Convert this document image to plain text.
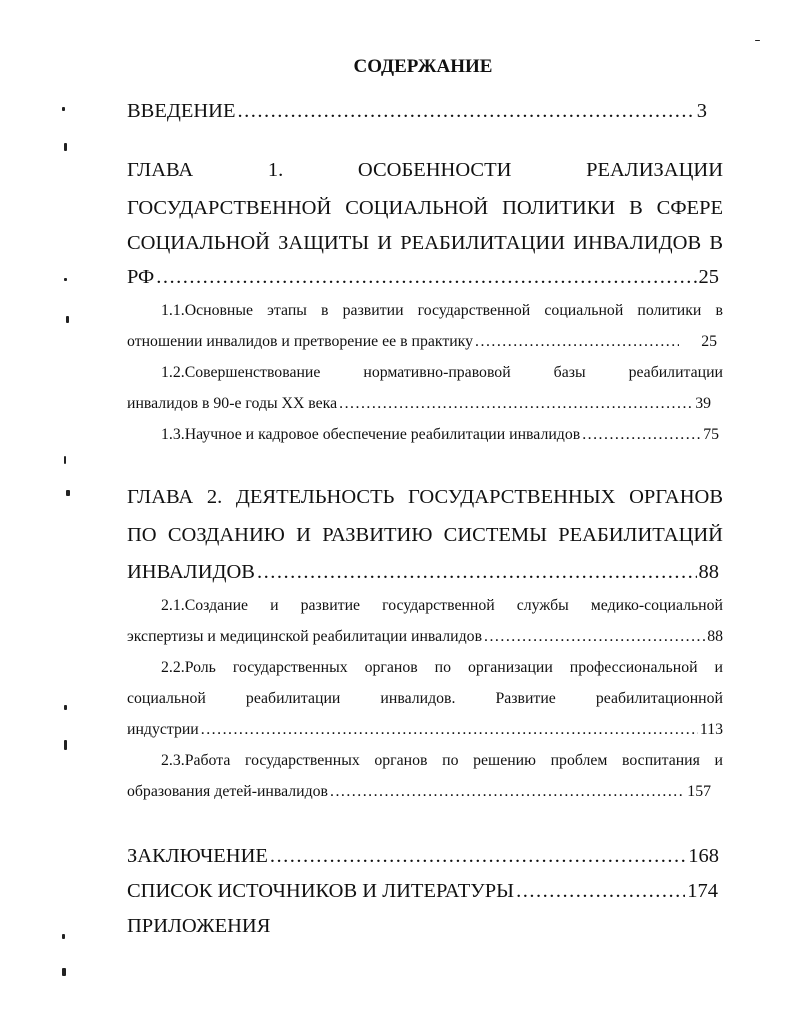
СОДЕРЖАНИЕ
ВВЕДЕНИЕ .....	3
ГЛАВА 1. ОСОБЕННОСТИ РЕАЛИЗАЦИИ
ГОСУДАРСТВЕННОЙ СОЦИАЛЬНОЙ ПОЛИТИКИ В СФЕРЕ
СОЦИАЛЬНОЙ ЗАЩИТЫ И РЕАБИЛИТАЦИИ ИНВАЛИДОВ В
РФ .....	25
1.1.Основные этапы в развитии государственной социальной политики в
отношении инвалидов и претворение ее в практику .....	25
1.2.Совершенствование нормативно-правовой базы реабилитации
инвалидов в 90-е годы XX века .....	39
1.3.Научное и кадровое обеспечение реабилитации инвалидов .....	75
ГЛАВА 2. ДЕЯТЕЛЬНОСТЬ ГОСУДАРСТВЕННЫХ ОРГАНОВ
ПО СОЗДАНИЮ И РАЗВИТИЮ СИСТЕМЫ РЕАБИЛИТАЦИЙ
ИНВАЛИДОВ .....	88
2.1.Создание и развитие государственной службы медико-социальной
экспертизы и медицинской реабилитации инвалидов .....	88
2.2.Роль государственных органов по организации профессиональной и
социальной реабилитации инвалидов. Развитие реабилитационной
индустрии .....	113
2.3.Работа государственных органов по решению проблем воспитания и
образования детей-инвалидов .....	157
ЗАКЛЮЧЕНИЕ .....	168
СПИСОК ИСТОЧНИКОВ И ЛИТЕРАТУРЫ .....	174
ПРИЛОЖЕНИЯ
